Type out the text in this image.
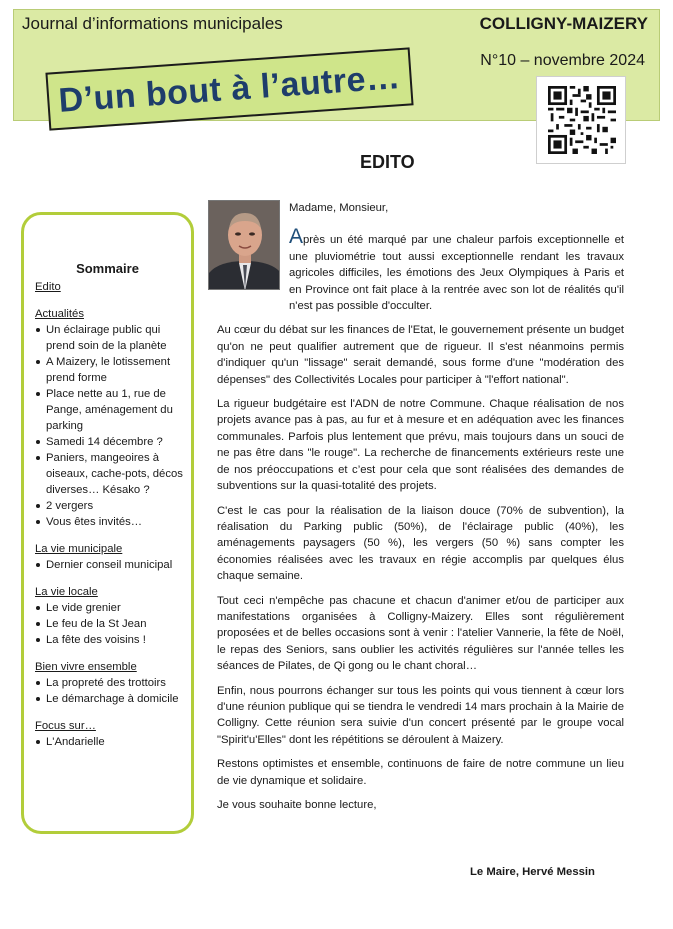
Journal d’informations municipales	COLLIGNY-MAIZERY
N°10 – novembre 2024
D’un bout à l’autre…
EDITO
Sommaire
Edito
Actualités
Un éclairage public qui prend soin de la planète
A Maizery, le lotissement prend forme
Place nette au 1, rue de Pange, aménagement du parking
Samedi 14 décembre ?
Paniers, mangeoires à oiseaux, cache-pots, décos diverses… Késako ?
2 vergers
Vous êtes invités…
La vie municipale
Dernier conseil municipal
La vie locale
Le vide grenier
Le feu de la St Jean
La fête des voisins !
Bien vivre ensemble
La propreté des trottoirs
Le démarchage à domicile
Focus sur…
L'Andarielle

Madame, Monsieur,

Après un été marqué par une chaleur parfois exceptionnelle et une pluviométrie tout aussi exceptionnelle rendant les travaux agricoles difficiles, les émotions des Jeux Olympiques à Paris et en Province ont fait place à la rentrée avec son lot de réalités qu'il n'est pas possible d'occulter.

Au cœur du débat sur les finances de l'Etat, le gouvernement présente un budget qu'on ne peut qualifier autrement que de rigueur. Il s'est néanmoins permis d'indiquer qu'un "lissage" serait demandé, sous forme d'une "modération des dépenses" des Collectivités Locales pour participer à "l'effort national".

La rigueur budgétaire est l'ADN de notre Commune. Chaque réalisation de nos projets avance pas à pas, au fur et à mesure et en adéquation avec les finances communales. Parfois plus lentement que prévu, mais toujours dans un souci de ne pas être dans "le rouge". La recherche de financements extérieurs reste une de nos préoccupations et c’est pour cela que sont réalisées des demandes de subventions sur la quasi-totalité des projets.

C'est le cas pour la réalisation de la liaison douce (70% de subvention), la réalisation du Parking public (50%), de l'éclairage public (40%), les aménagements paysagers (50 %), les vergers (50 %) sans compter les économies réalisées avec les travaux en régie accomplis par quelques élus chaque semaine.

Tout ceci n'empêche pas chacune et chacun d'animer et/ou de participer aux manifestations organisées à Colligny-Maizery. Elles sont régulièrement proposées et de belles occasions sont à venir : l'atelier Vannerie, la fête de Noël, le repas des Seniors, sans oublier les activités régulières sur l'année telles les séances de Pilates, de Qi gong ou le chant choral…

Enfin, nous pourrons échanger sur tous les points qui vous tiennent à cœur lors d'une réunion publique qui se tiendra le vendredi 14 mars prochain à la Mairie de Colligny. Cette réunion sera suivie d'un concert présenté par le groupe vocal "Spirit'u'Elles" dont les répétitions se déroulent à Maizery.

Restons optimistes et ensemble, continuons de faire de notre commune un lieu de vie dynamique et solidaire.

Je vous souhaite bonne lecture,

Le Maire, Hervé Messin
